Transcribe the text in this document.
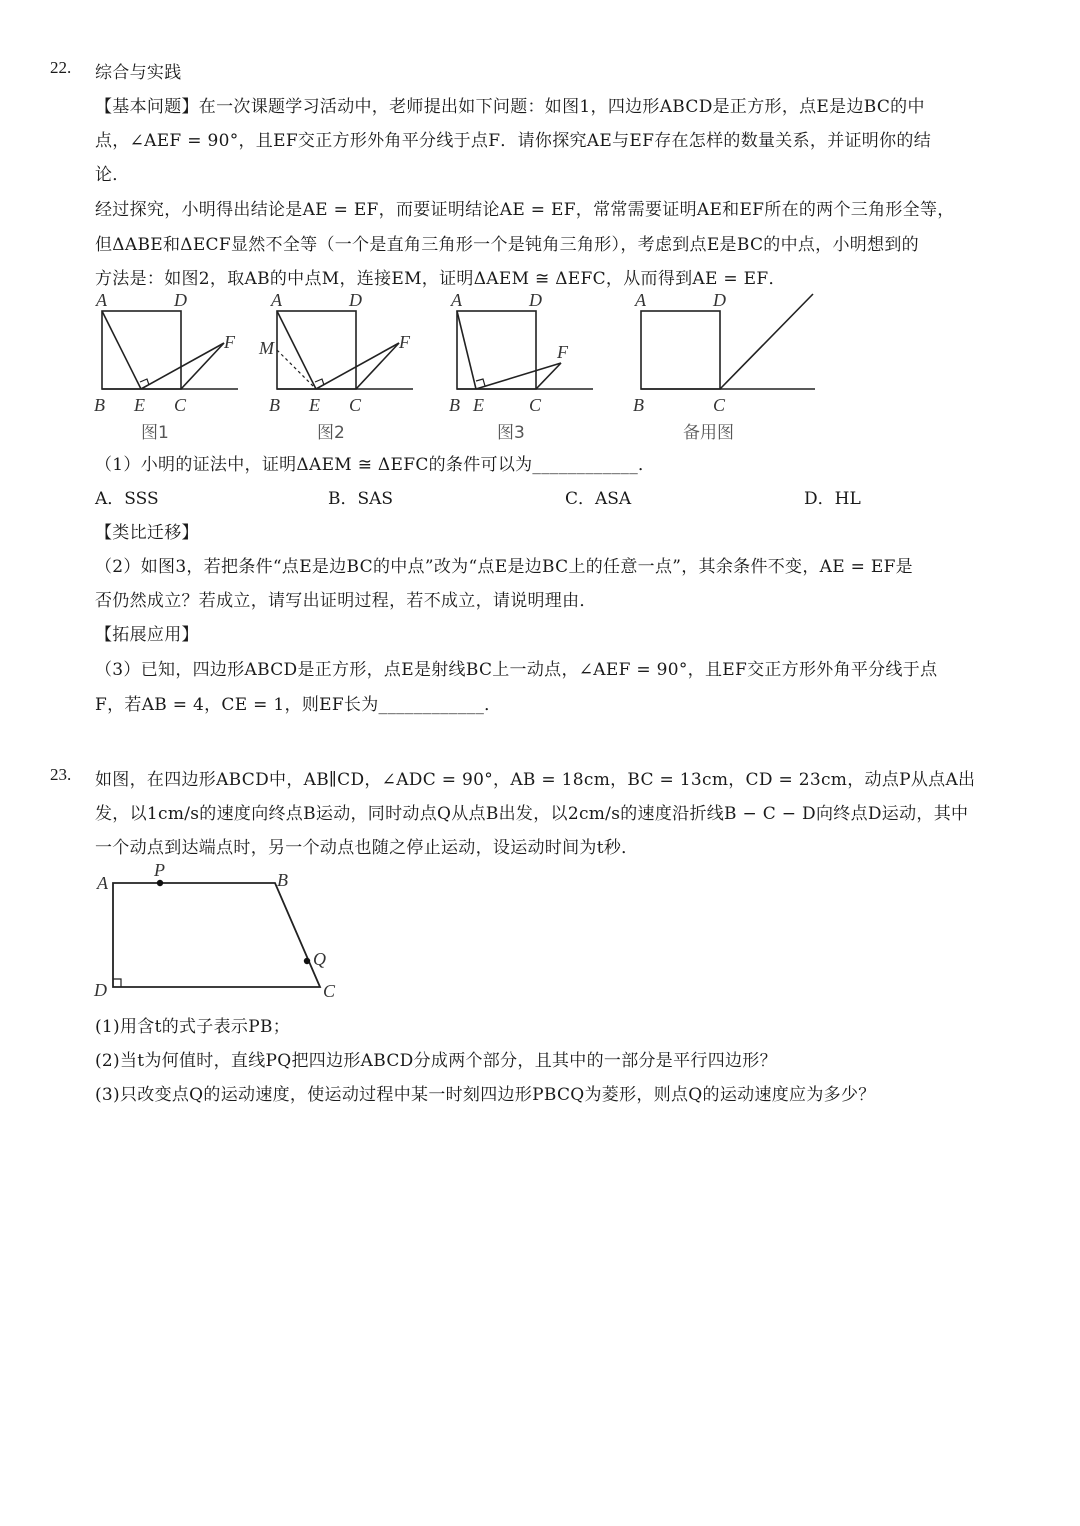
22. 综合与实践
【基本问题】在一次课题学习活动中，老师提出如下问题：如图1，四边形ABCD是正方形，点E是边BC的中
点，∠AEF = 90°，且EF交正方形外角平分线于点F．请你探究AE与EF存在怎样的数量关系，并证明你的结
论．
经过探究，小明得出结论是AE = EF，而要证明结论AE = EF，常常需要证明AE和EF所在的两个三角形全等，
但ΔABE和ΔECF显然不全等（一个是直角三角形一个是钝角三角形），考虑到点E是BC的中点，小明想到的
方法是：如图2，取AB的中点M，连接EM，证明ΔAEM ≅ ΔEFC，从而得到AE = EF．
A	D
B E C
F
A	D
M
B E C
F
A	D
B E	C
F
A	D
B	C
图1	图2	图3	备用图
（1）小明的证法中，证明ΔAEM ≅ ΔEFC的条件可以为____________．
A．SSS	B．SAS	C．ASA	D．HL
【类比迁移】
（2）如图3，若把条件“点E是边BC的中点”改为“点E是边BC上的任意一点”，其余条件不变，AE = EF是
否仍然成立？若成立，请写出证明过程，若不成立，请说明理由．
【拓展应用】
（3）已知，四边形ABCD是正方形，点E是射线BC上一动点，∠AEF = 90°，且EF交正方形外角平分线于点
F，若AB = 4，CE = 1，则EF长为____________．
23. 如图，在四边形ABCD中，AB∥CD，∠ADC = 90°，AB = 18cm，BC = 13cm，CD = 23cm，动点P从点A出
发，以1cm/s的速度向终点B运动，同时动点Q从点B出发，以2cm/s的速度沿折线B − C − D向终点D运动，其中
一个动点到达端点时，另一个动点也随之停止运动，设运动时间为t秒．
A
P	B
Q
C
D
(1)用含t的式子表示PB；
(2)当t为何值时，直线PQ把四边形ABCD分成两个部分，且其中的一部分是平行四边形？
(3)只改变点Q的运动速度，使运动过程中某一时刻四边形PBCQ为菱形，则点Q的运动速度应为多少？
